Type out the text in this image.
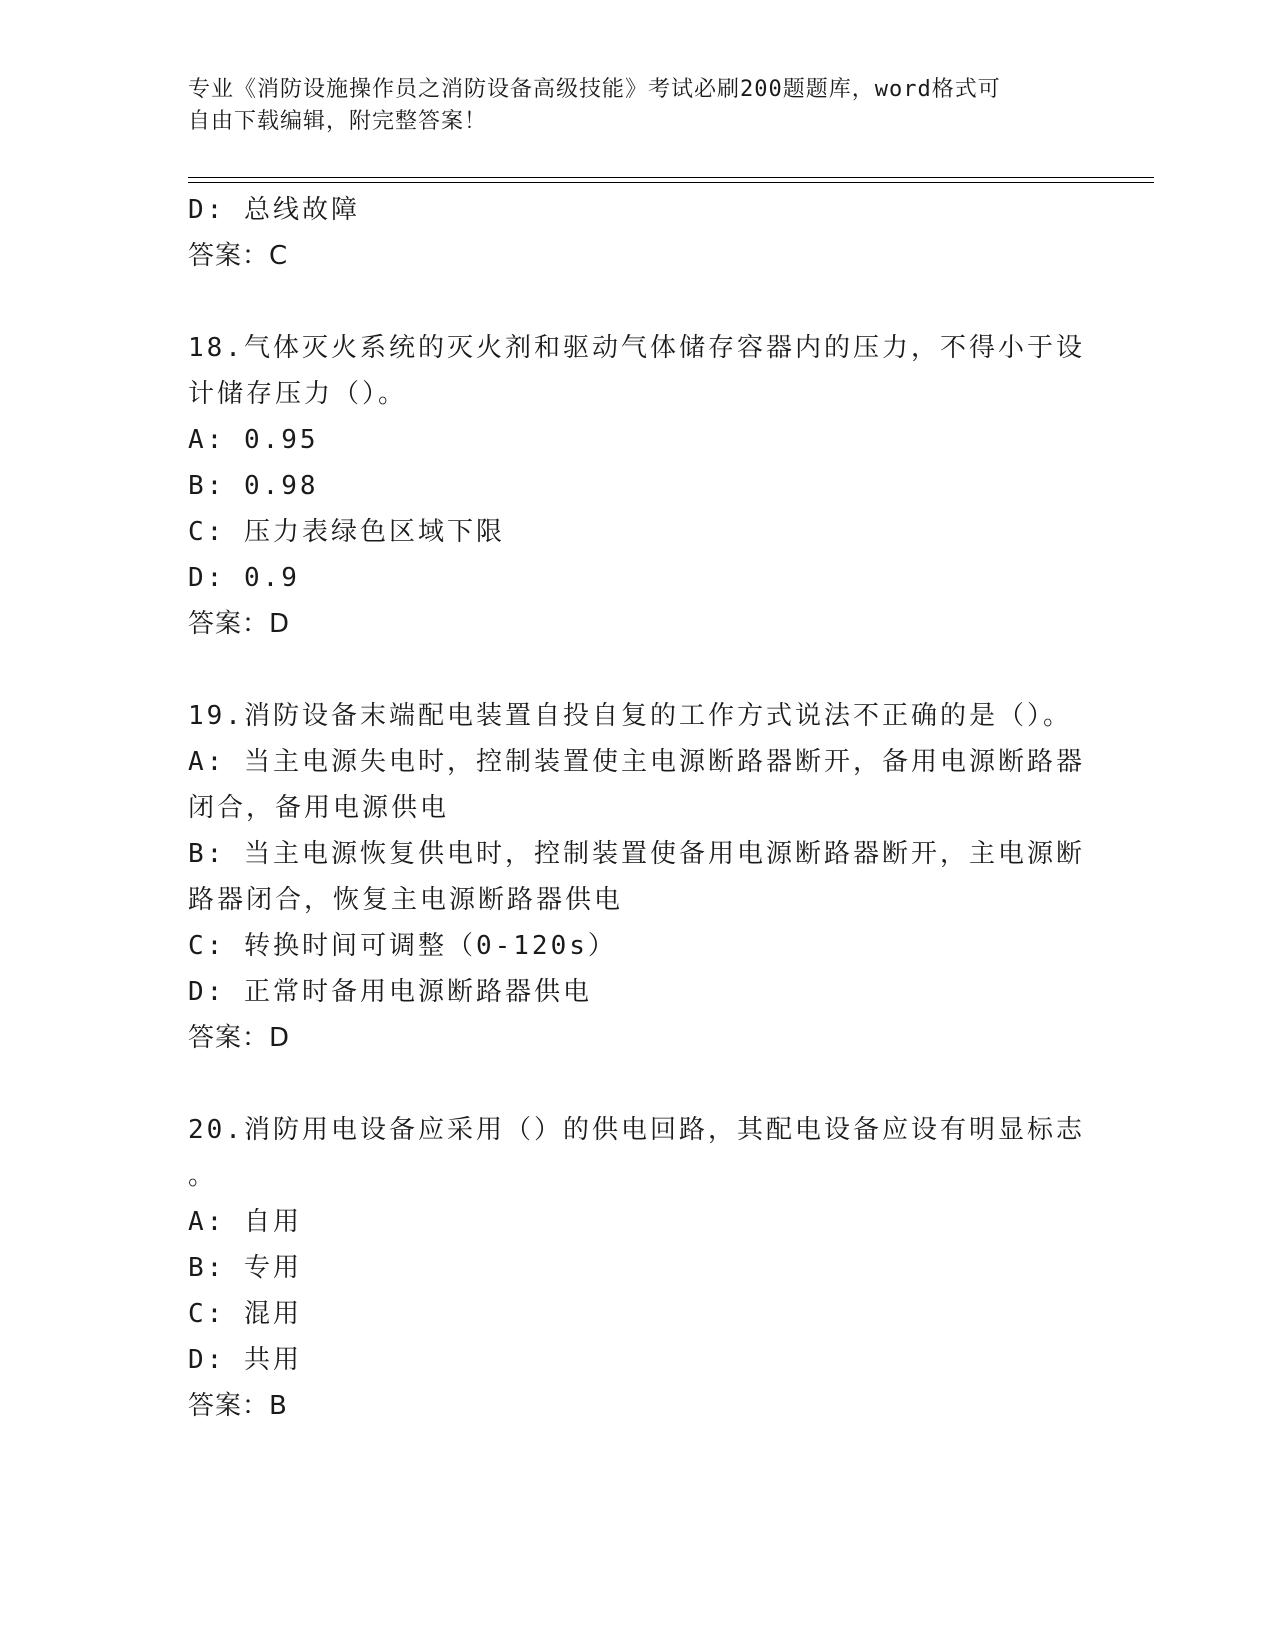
专业《消防设施操作员之消防设备高级技能》考试必刷200题题库，word格式可
自由下载编辑，附完整答案！
D: 总线故障
答案：C
18.气体灭火系统的灭火剂和驱动气体储存容器内的压力，不得小于设
计储存压力（）。
A: 0.95
B: 0.98
C: 压力表绿色区域下限
D: 0.9
答案：D
19.消防设备末端配电装置自投自复的工作方式说法不正确的是（）。
A: 当主电源失电时，控制装置使主电源断路器断开，备用电源断路器
闭合，备用电源供电
B: 当主电源恢复供电时，控制装置使备用电源断路器断开，主电源断
路器闭合，恢复主电源断路器供电
C: 转换时间可调整（0-120s）
D: 正常时备用电源断路器供电
答案：D
20.消防用电设备应采用（）的供电回路，其配电设备应设有明显标志
。
A: 自用
B: 专用
C: 混用
D: 共用
答案：B
